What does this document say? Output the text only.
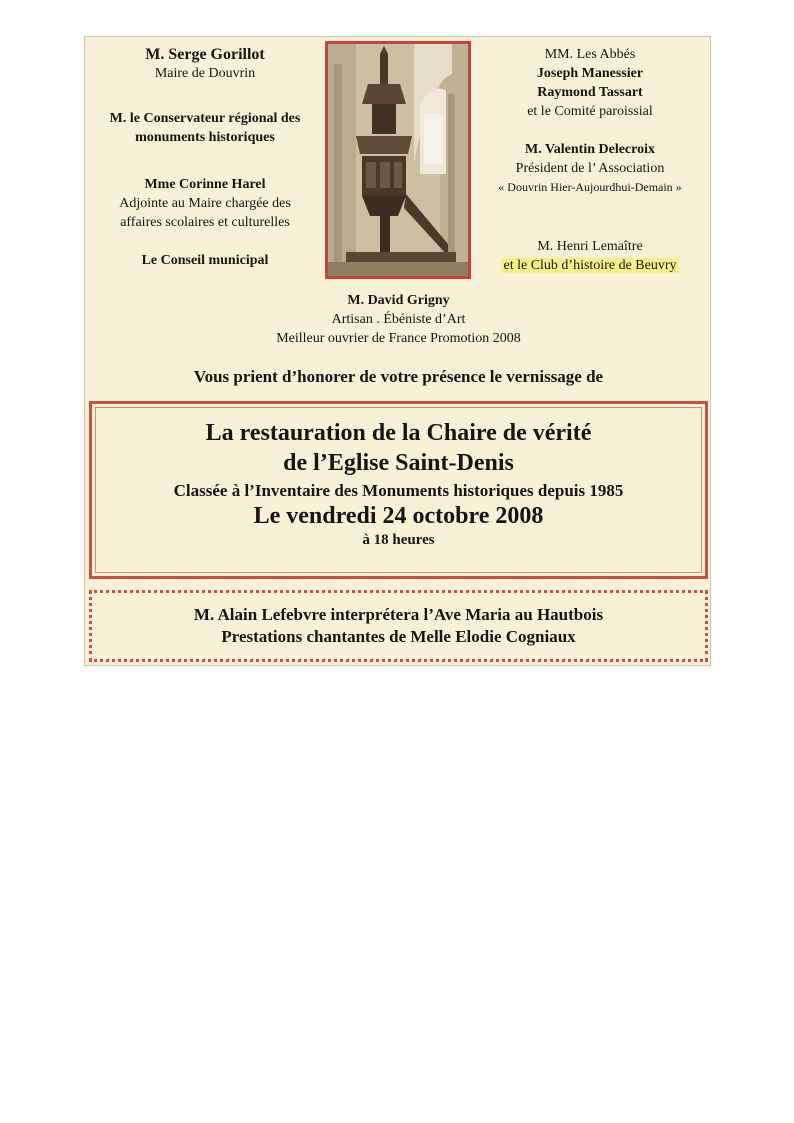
M. Serge Gorillot
Maire de Douvrin
M. le Conservateur régional des
monuments historiques
Mme Corinne Harel
Adjointe au Maire chargée des
affaires scolaires et culturelles
Le Conseil municipal
MM. Les Abbés
Joseph Manessier
Raymond Tassart
et le Comité paroissial
M. Valentin Delecroix
Président de l’ Association
« Douvrin Hier-Aujourdhui-Demain »
M. Henri Lemaître
et le Club d’histoire de Beuvry
M. David Grigny
Artisan . Ébéniste d’Art
Meilleur ouvrier de France Promotion 2008
Vous prient d’honorer de votre présence le vernissage de
La restauration de la Chaire de vérité
de l’Eglise Saint-Denis
Classée à l’Inventaire des Monuments historiques depuis 1985
Le vendredi 24 octobre 2008
à 18 heures
M. Alain Lefebvre interprétera l’Ave Maria au Hautbois
Prestations chantantes de Melle Elodie Cogniaux
